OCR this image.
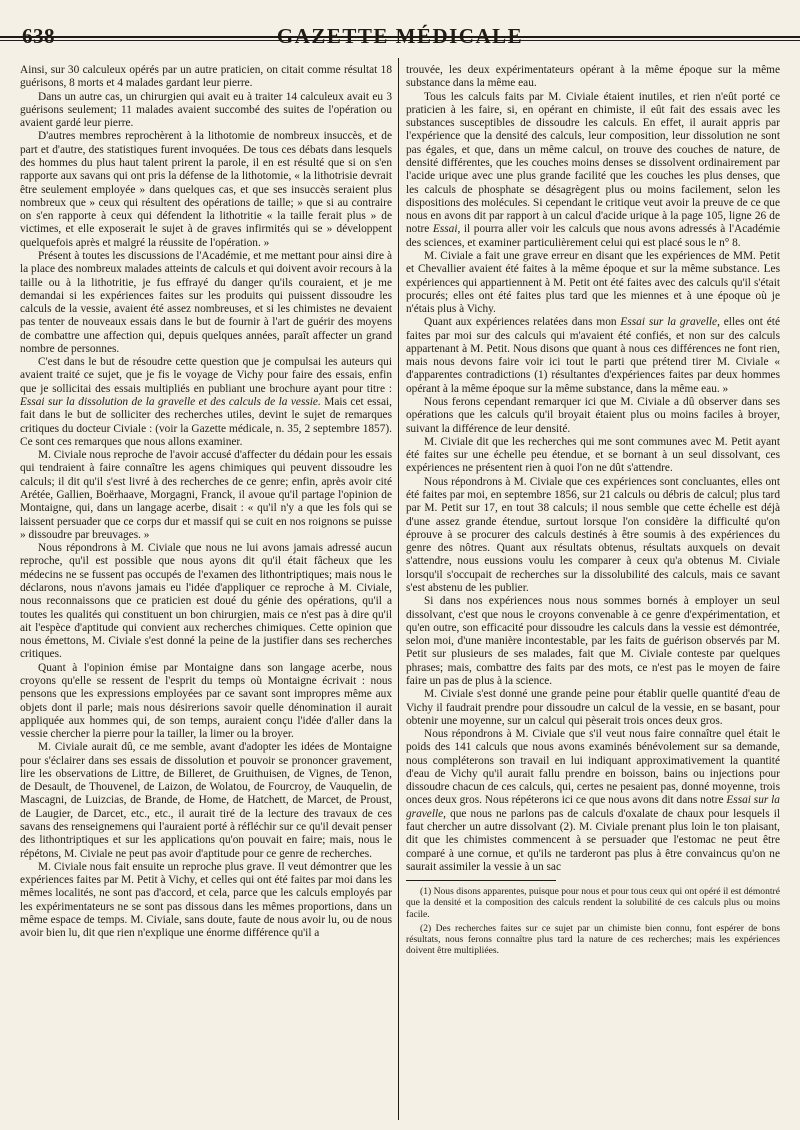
638	GAZETTE MÉDICALE

Ainsi, sur 30 calculeux opérés par un autre praticien, on citait comme résultat 18 guérisons, 8 morts et 4 malades gardant leur pierre.

Dans un autre cas, un chirurgien qui avait eu à traiter 14 calculeux avait eu 3 guérisons seulement; 11 malades avaient succombé des suites de l'opération ou avaient gardé leur pierre.

D'autres membres reprochèrent à la lithotomie de nombreux insuccès, et de part et d'autre, des statistiques furent invoquées. De tous ces débats dans lesquels des hommes du plus haut talent prirent la parole, il en est résulté que si on s'en rapporte aux savans qui ont pris la défense de la lithotomie, « la lithotrisie devrait être seulement employée » dans quelques cas, et que ses insuccès seraient plus nombreux que » ceux qui résultent des opérations de taille; » que si au contraire on s'en rapporte à ceux qui défendent la lithotritie « la taille ferait plus » de victimes, et elle exposerait le sujet à de graves infirmités qui se » développent quelquefois après et malgré la réussite de l'opération. »

Présent à toutes les discussions de l'Académie, et me mettant pour ainsi dire à la place des nombreux malades atteints de calculs et qui doivent avoir recours à la taille ou à la lithotritie, je fus effrayé du danger qu'ils couraient, et je me demandai si les expériences faites sur les produits qui puissent dissoudre les calculs de la vessie, avaient été assez nombreuses, et si les chimistes ne devaient pas tenter de nouveaux essais dans le but de fournir à l'art de guérir des moyens de combattre une affection qui, depuis quelques années, paraît affecter un grand nombre de personnes.

C'est dans le but de résoudre cette question que je compulsai les auteurs qui avaient traité ce sujet, que je fis le voyage de Vichy pour faire des essais, enfin que je sollicitai des essais multipliés en publiant une brochure ayant pour titre : Essai sur la dissolution de la gravelle et des calculs de la vessie. Mais cet essai, fait dans le but de solliciter des recherches utiles, devint le sujet de remarques critiques du docteur Civiale : (voir la Gazette médicale, n. 35, 2 septembre 1857). Ce sont ces remarques que nous allons examiner.

M. Civiale nous reproche de l'avoir accusé d'affecter du dédain pour les essais qui tendraient à faire connaître les agens chimiques qui peuvent dissoudre les calculs; il dit qu'il s'est livré à des recherches de ce genre; enfin, après avoir cité Arétée, Gallien, Boërhaave, Morgagni, Franck, il avoue qu'il partage l'opinion de Montaigne, qui, dans un langage acerbe, disait : « qu'il n'y a que les fols qui se laissent persuader que ce corps dur et massif qui se cuit en nos roignons se puisse » dissoudre par breuvages. »

Nous répondrons à M. Civiale que nous ne lui avons jamais adressé aucun reproche, qu'il est possible que nous ayons dit qu'il était fâcheux que les médecins ne se fussent pas occupés de l'examen des lithontriptiques; mais nous le déclarons, nous n'avons jamais eu l'idée d'appliquer ce reproche à M. Civiale, nous reconnaissons que ce praticien est doué du génie des opérations, qu'il a toutes les qualités qui constituent un bon chirurgien, mais ce n'est pas à dire qu'il ait l'espèce d'aptitude qui convient aux recherches chimiques. Cette opinion que nous émettons, M. Civiale s'est donné la peine de la justifier dans ses recherches critiques.

Quant à l'opinion émise par Montaigne dans son langage acerbe, nous croyons qu'elle se ressent de l'esprit du temps où Montaigne écrivait : nous pensons que les expressions employées par ce savant sont impropres même aux objets dont il parle; mais nous désirerions savoir quelle dénomination il aurait appliquée aux hommes qui, de son temps, auraient conçu l'idée d'aller dans la vessie chercher la pierre pour la tailler, la limer ou la broyer.

M. Civiale aurait dû, ce me semble, avant d'adopter les idées de Montaigne pour s'éclairer dans ses essais de dissolution et pouvoir se prononcer gravement, lire les observations de Littre, de Billeret, de Gruithuisen, de Vignes, de Tenon, de Desault, de Thouvenel, de Laizon, de Wolatou, de Fourcroy, de Vauquelin, de Mascagni, de Luizcias, de Brande, de Home, de Hatchett, de Marcet, de Proust, de Laugier, de Darcet, etc., etc., il aurait tiré de la lecture des travaux de ces savans des renseignemens qui l'auraient porté à réfléchir sur ce qu'il devait penser des lithontriptiques et sur les applications qu'on pouvait en faire; mais, nous le répétons, M. Civiale ne peut pas avoir d'aptitude pour ce genre de recherches.

M. Civiale nous fait ensuite un reproche plus grave. Il veut démontrer que les expériences faites par M. Petit à Vichy, et celles qui ont été faites par moi dans les mêmes localités, ne sont pas d'accord, et cela, parce que les calculs employés par les expérimentateurs ne se sont pas dissous dans les mêmes proportions, dans un même espace de temps. M. Civiale, sans doute, faute de nous avoir lu, ou de nous avoir bien lu, dit que rien n'explique une énorme différence qu'il a

trouvée, les deux expérimentateurs opérant à la même époque sur la même substance dans la même eau.

Tous les calculs faits par M. Civiale étaient inutiles, et rien n'eût porté ce praticien à les faire, si, en opérant en chimiste, il eût fait des essais avec les substances susceptibles de dissoudre les calculs. En effet, il aurait appris par l'expérience que la densité des calculs, leur composition, leur dissolution ne sont pas égales, et que, dans un même calcul, on trouve des couches de nature, de densité différentes, que les couches moins denses se dissolvent ordinairement par l'acide urique avec une plus grande facilité que les couches les plus denses, que les calculs de phosphate se désagrègent plus ou moins facilement, selon les dispositions des molécules. Si cependant le critique veut avoir la preuve de ce que nous en avons dit par rapport à un calcul d'acide urique à la page 105, ligne 26 de notre Essai, il pourra aller voir les calculs que nous avons adressés à l'Académie des sciences, et examiner particulièrement celui qui est placé sous le n° 8.

M. Civiale a fait une grave erreur en disant que les expériences de MM. Petit et Chevallier avaient été faites à la même époque et sur la même substance. Les expériences qui appartiennent à M. Petit ont été faites avec des calculs qu'il s'était procurés; elles ont été faites plus tard que les miennes et à une époque où je n'étais plus à Vichy.

Quant aux expériences relatées dans mon Essai sur la gravelle, elles ont été faites par moi sur des calculs qui m'avaient été confiés, et non sur des calculs appartenant à M. Petit. Nous disons que quant à nous ces différences ne font rien, mais nous devons faire voir ici tout le parti que prétend tirer M. Civiale « d'apparentes contradictions (1) résultantes d'expériences faites par deux hommes opérant à la même époque sur la même substance, dans la même eau. »

Nous ferons cependant remarquer ici que M. Civiale a dû observer dans ses opérations que les calculs qu'il broyait étaient plus ou moins faciles à broyer, suivant la différence de leur densité.

M. Civiale dit que les recherches qui me sont communes avec M. Petit ayant été faites sur une échelle peu étendue, et se bornant à un seul dissolvant, ces expériences ne présentent rien à quoi l'on ne dût s'attendre.

Nous répondrons à M. Civiale que ces expériences sont concluantes, elles ont été faites par moi, en septembre 1856, sur 21 calculs ou débris de calcul; plus tard par M. Petit sur 17, en tout 38 calculs; il nous semble que cette échelle est déjà d'une assez grande étendue, surtout lorsque l'on considère la difficulté qu'on éprouve à se procurer des calculs destinés à être soumis à des expériences du genre des nôtres. Quant aux résultats obtenus, résultats auxquels on devait s'attendre, nous eussions voulu les comparer à ceux qu'a obtenus M. Civiale lorsqu'il s'occupait de recherches sur la dissolubilité des calculs, mais ce savant s'est abstenu de les publier.

Si dans nos expériences nous nous sommes bornés à employer un seul dissolvant, c'est que nous le croyons convenable à ce genre d'expérimentation, et qu'en outre, son efficacité pour dissoudre les calculs dans la vessie est démontrée, selon moi, d'une manière incontestable, par les faits de guérison observés par M. Petit sur plusieurs de ses malades, fait que M. Civiale conteste par quelques phrases; mais, combattre des faits par des mots, ce n'est pas le moyen de faire faire un pas de plus à la science.

M. Civiale s'est donné une grande peine pour établir quelle quantité d'eau de Vichy il faudrait prendre pour dissoudre un calcul de la vessie, en se basant, pour obtenir une moyenne, sur un calcul qui pèserait trois onces deux gros.

Nous répondrons à M. Civiale que s'il veut nous faire connaître quel était le poids des 141 calculs que nous avons examinés bénévolement sur sa demande, nous compléterons son travail en lui indiquant approximativement la quantité d'eau de Vichy qu'il aurait fallu prendre en boisson, bains ou injections pour dissoudre chacun de ces calculs, qui, certes ne pesaient pas, donné moyenne, trois onces deux gros. Nous répéterons ici ce que nous avons dit dans notre Essai sur la gravelle, que nous ne parlons pas de calculs d'oxalate de chaux pour lesquels il faut chercher un autre dissolvant (2). M. Civiale prenant plus loin le ton plaisant, dit que les chimistes commencent à se persuader que l'estomac ne peut être comparé à une cornue, et qu'ils ne tarderont pas plus à être convaincus qu'on ne saurait assimiler la vessie à un sac

(1) Nous disons apparentes, puisque pour nous et pour tous ceux qui ont opéré il est démontré que la densité et la composition des calculs rendent la solubilité de ces calculs plus ou moins facile.

(2) Des recherches faites sur ce sujet par un chimiste bien connu, font espérer de bons résultats, nous ferons connaître plus tard la nature de ces recherches; mais les expériences doivent être multipliées.
